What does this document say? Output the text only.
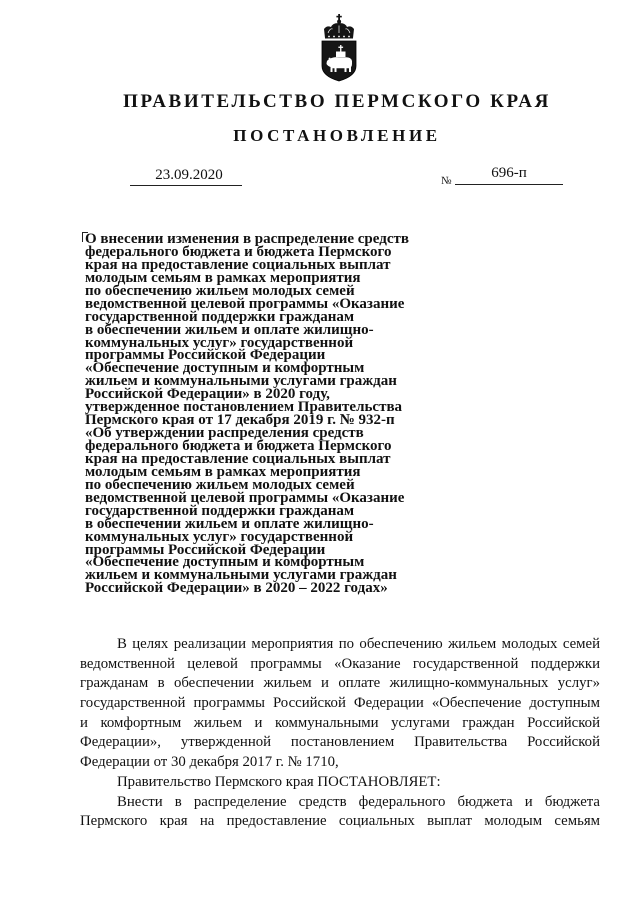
ПРАВИТЕЛЬСТВО ПЕРМСКОГО КРАЯ
ПОСТАНОВЛЕНИЕ
23.09.2020	№	696-п
О внесении изменения в распределение средств
федерального бюджета и бюджета Пермского
края на предоставление социальных выплат
молодым семьям в рамках мероприятия
по обеспечению жильем молодых семей
ведомственной целевой программы «Оказание
государственной поддержки гражданам
в обеспечении жильем и оплате жилищно-
коммунальных услуг» государственной
программы Российской Федерации
«Обеспечение доступным и комфортным
жильем и коммунальными услугами граждан
Российской Федерации» в 2020 году,
утвержденное постановлением Правительства
Пермского края от 17 декабря 2019 г. № 932-п
«Об утверждении распределения средств
федерального бюджета и бюджета Пермского
края на предоставление социальных выплат
молодым семьям в рамках мероприятия
по обеспечению жильем молодых семей
ведомственной целевой программы «Оказание
государственной поддержки гражданам
в обеспечении жильем и оплате жилищно-
коммунальных услуг» государственной
программы Российской Федерации
«Обеспечение доступным и комфортным
жильем и коммунальными услугами граждан
Российской Федерации» в 2020 – 2022 годах»
В целях реализации мероприятия по обеспечению жильем молодых семей
ведомственной целевой программы «Оказание государственной поддержки
гражданам в обеспечении жильем и оплате жилищно-коммунальных услуг»
государственной программы Российской Федерации «Обеспечение доступным
и комфортным жильем и коммунальными услугами граждан Российской
Федерации», утвержденной постановлением Правительства Российской
Федерации от 30 декабря 2017 г. № 1710,
Правительство Пермского края ПОСТАНОВЛЯЕТ:
Внести в распределение средств федерального бюджета и бюджета
Пермского края на предоставление социальных выплат молодым семьям
